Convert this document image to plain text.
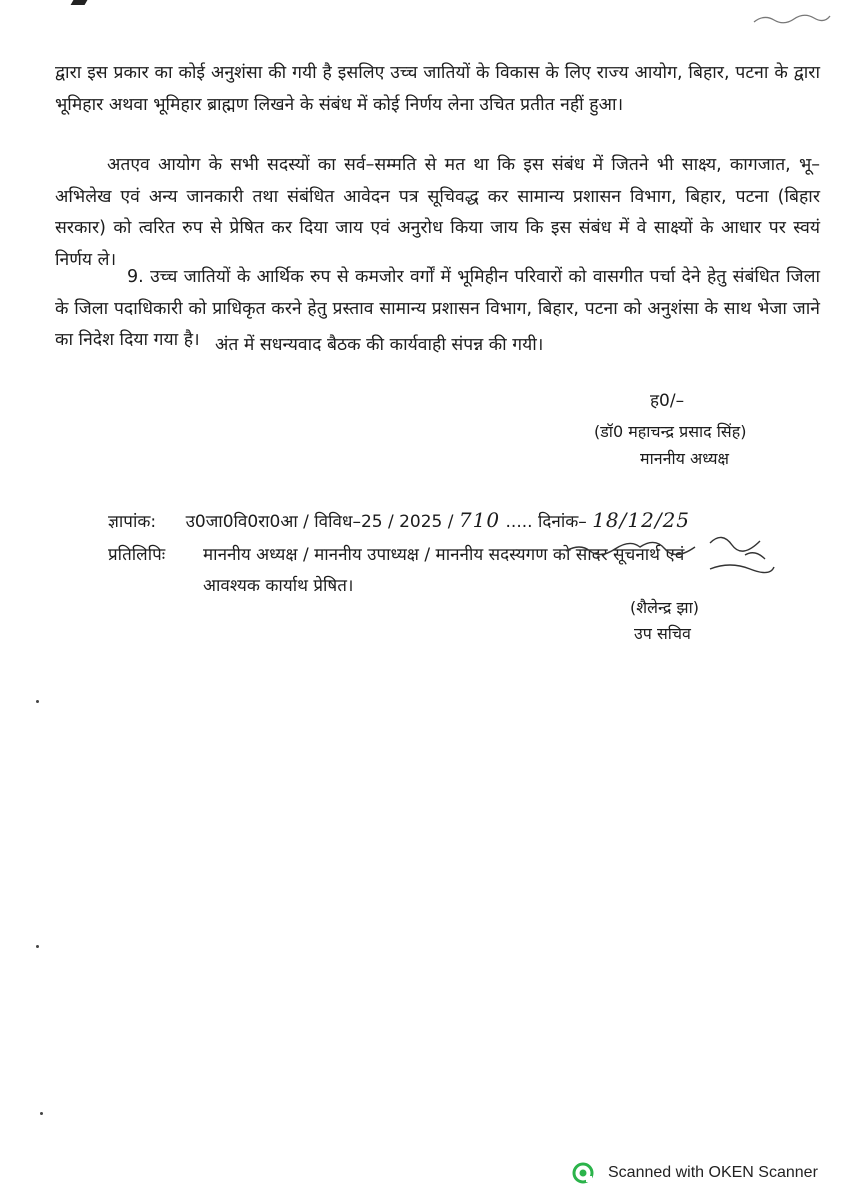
द्वारा इस प्रकार का कोई अनुशंसा की गयी है इसलिए उच्च जातियों के विकास के लिए राज्य आयोग, बिहार, पटना के द्वारा भूमिहार अथवा भूमिहार ब्राह्मण लिखने के संबंध में कोई निर्णय लेना उचित प्रतीत नहीं हुआ।

अतएव आयोग के सभी सदस्यों का सर्व–सम्मति से मत था कि इस संबंध में जितने भी साक्ष्य, कागजात, भू–अभिलेख एवं अन्य जानकारी तथा संबंधित आवेदन पत्र सूचिवद्ध कर सामान्य प्रशासन विभाग, बिहार, पटना (बिहार सरकार) को त्वरित रुप से प्रेषित कर दिया जाय एवं अनुरोध किया जाय कि इस संबंध में वे साक्ष्यों के आधार पर स्वयं निर्णय ले।

9. उच्च जातियों के आर्थिक रुप से कमजोर वर्गों में भूमिहीन परिवारों को वासगीत पर्चा देने हेतु संबंधित जिला के जिला पदाधिकारी को प्राधिकृत करने हेतु प्रस्ताव सामान्य प्रशासन विभाग, बिहार, पटना को अनुशंसा के साथ भेजा जाने का निदेश दिया गया है। अंत में सधन्यवाद बैठक की कार्यवाही संपन्न की गयी।
ह0/–
(डॉ0 महाचन्द्र प्रसाद सिंह)
माननीय अध्यक्ष
ज्ञापांक: उ0जा0वि0रा0आ / विविध–25 / 2025 / 710 ..... दिनांक– 18/12/25
प्रतिलिपिः माननीय अध्यक्ष / माननीय उपाध्यक्ष / माननीय सदस्यगण को सादर सूचनार्थ एवं
आवश्यक कार्याथ प्रेषित।
(शैलेन्द्र झा)
उप सचिव
Scanned with OKEN Scanner
